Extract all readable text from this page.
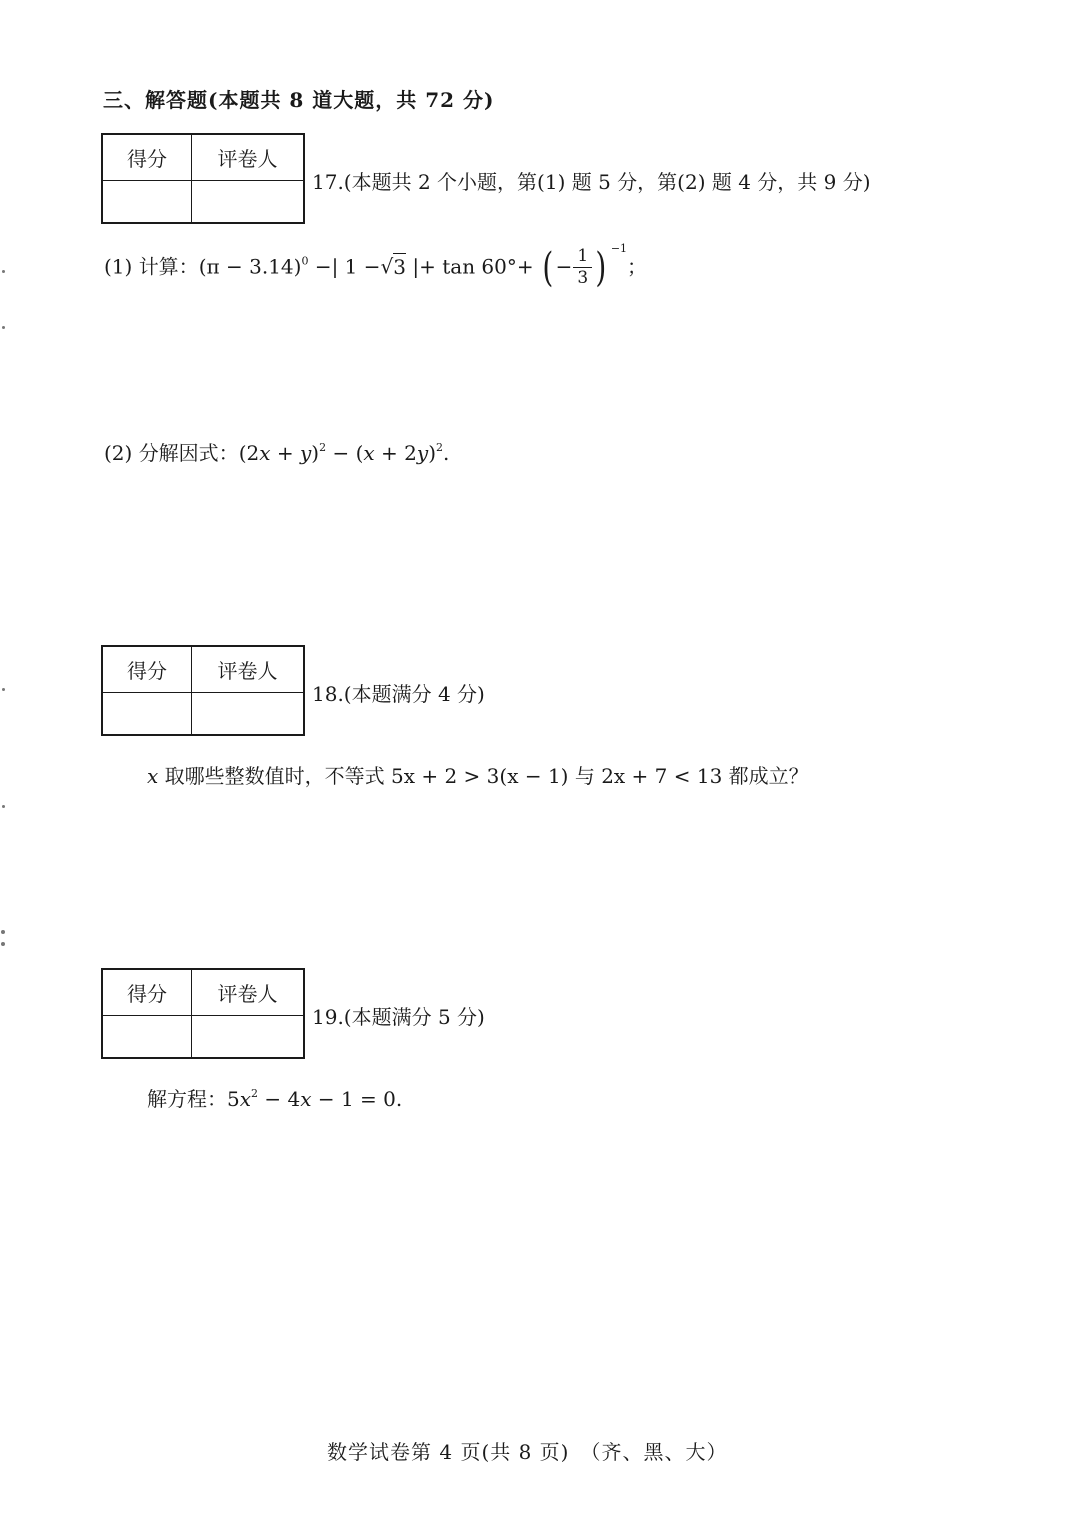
三、解答题(本题共 8 道大题，共 72 分)
得分	评卷人

17.(本题共 2 个小题，第(1) 题 5 分，第(2) 题 4 分，共 9 分)
(1) 计算：$(\pi - 3.14)^0$ −| 1 −√3 |+ tan 60°+ ( − $\frac{1}{3}$ ) $^{-1}$；
(2) 分解因式：$(2x + y)^2 - (x + 2y)^2$.
得分	评卷人

18.(本题满分 4 分)
x 取哪些整数值时，不等式 5x + 2 > 3(x − 1) 与 2x + 7 < 13 都成立？
得分	评卷人

19.(本题满分 5 分)
解方程：$5x^2 - 4x - 1 = 0$.
数学试卷第 4 页(共 8 页)　（齐、黑、大）
